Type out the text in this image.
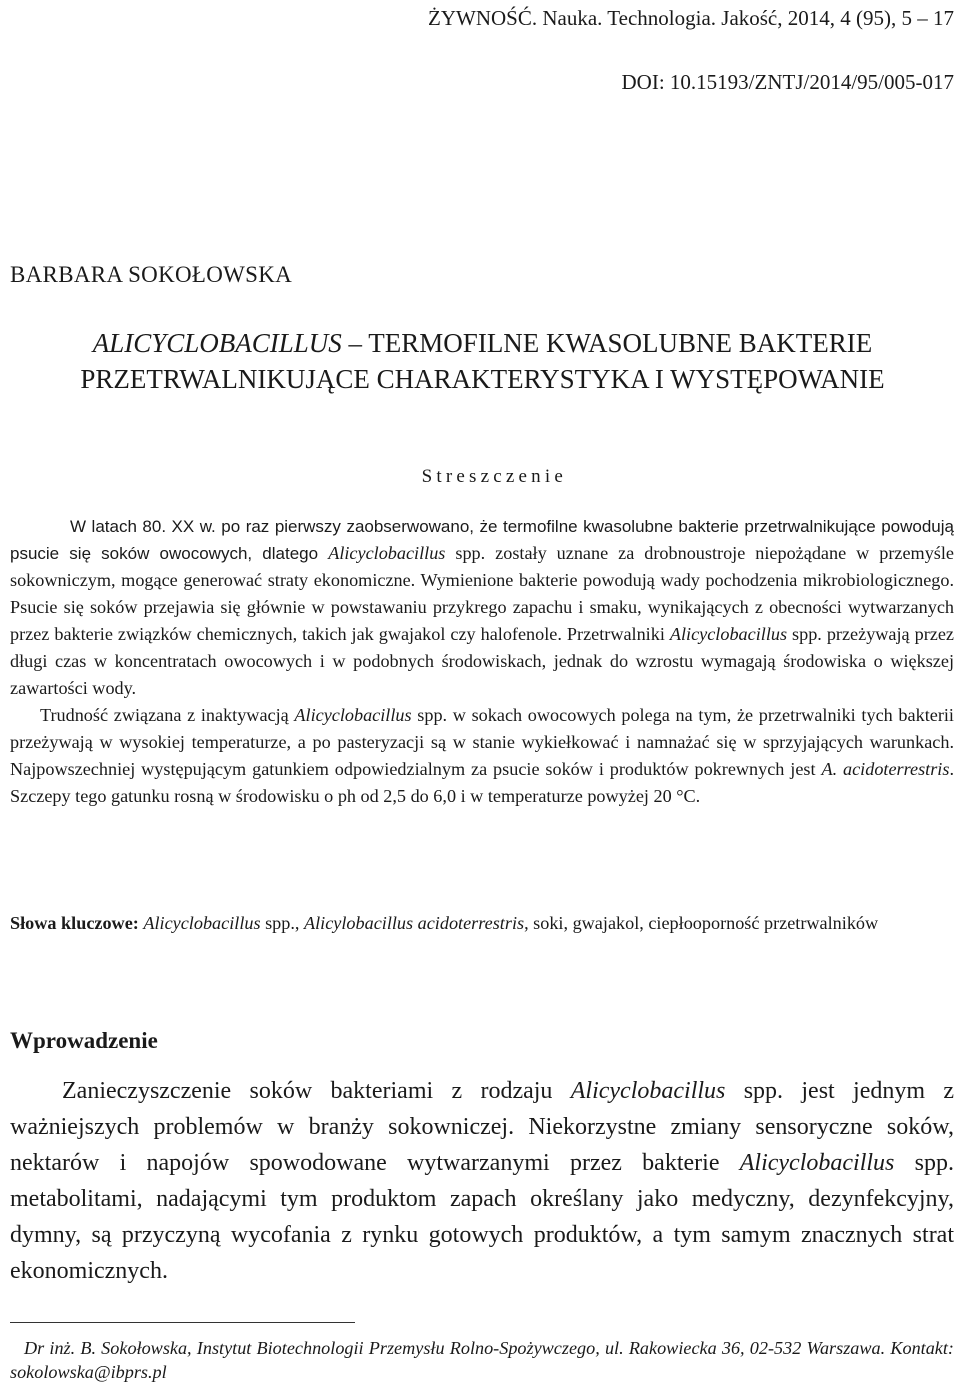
ŻYWNOŚĆ. Nauka. Technologia. Jakość, 2014, 4 (95), 5 – 17
DOI: 10.15193/ZNTJ/2014/95/005-017
BARBARA SOKOŁOWSKA
ALICYCLOBACILLUS – TERMOFILNE KWASOLUBNE BAKTERIE PRZETRWALNIKUJĄCE CHARAKTERYSTYKA I WYSTĘPOWANIE
Streszczenie

W latach 80. XX w. po raz pierwszy zaobserwowano, że termofilne kwasolubne bakterie przetrwalnikujące powodują psucie się soków owocowych, dlatego Alicyclobacillus spp. zostały uznane za drobnoustroje niepożądane w przemyśle sokowniczym, mogące generować straty ekonomiczne. Wymienione bakterie powodują wady pochodzenia mikrobiologicznego. Psucie się soków przejawia się głównie w powstawaniu przykrego zapachu i smaku, wynikających z obecności wytwarzanych przez bakterie związków chemicznych, takich jak gwajakol czy halofenole. Przetrwalniki Alicyclobacillus spp. przeżywają przez długi czas w koncentratach owocowych i w podobnych środowiskach, jednak do wzrostu wymagają środowiska o większej zawartości wody.

Trudność związana z inaktywacją Alicyclobacillus spp. w sokach owocowych polega na tym, że przetrwalniki tych bakterii przeżywają w wysokiej temperaturze, a po pasteryzacji są w stanie wykiełkować i namnażać się w sprzyjających warunkach. Najpowszechniej występującym gatunkiem odpowiedzialnym za psucie soków i produktów pokrewnych jest A. acidoterrestris. Szczepy tego gatunku rosną w środowisku o ph od 2,5 do 6,0 i w temperaturze powyżej 20 °C.

Słowa kluczowe: Alicyclobacillus spp., Alicylobacillus acidoterrestris, soki, gwajakol, ciepłooporność przetrwalników
Wprowadzenie

Zanieczyszczenie soków bakteriami z rodzaju Alicyclobacillus spp. jest jednym z ważniejszych problemów w branży sokowniczej. Niekorzystne zmiany sensoryczne soków, nektarów i napojów spowodowane wytwarzanymi przez bakterie Alicyclobacillus spp. metabolitami, nadającymi tym produktom zapach określany jako medyczny, dezynfekcyjny, dymny, są przyczyną wycofania z rynku gotowych produktów, a tym samym znacznych strat ekonomicznych.

Dr inż. B. Sokołowska, Instytut Biotechnologii Przemysłu Rolno-Spożywczego, ul. Rakowiecka 36, 02-532 Warszawa. Kontakt: sokolowska@ibprs.pl
